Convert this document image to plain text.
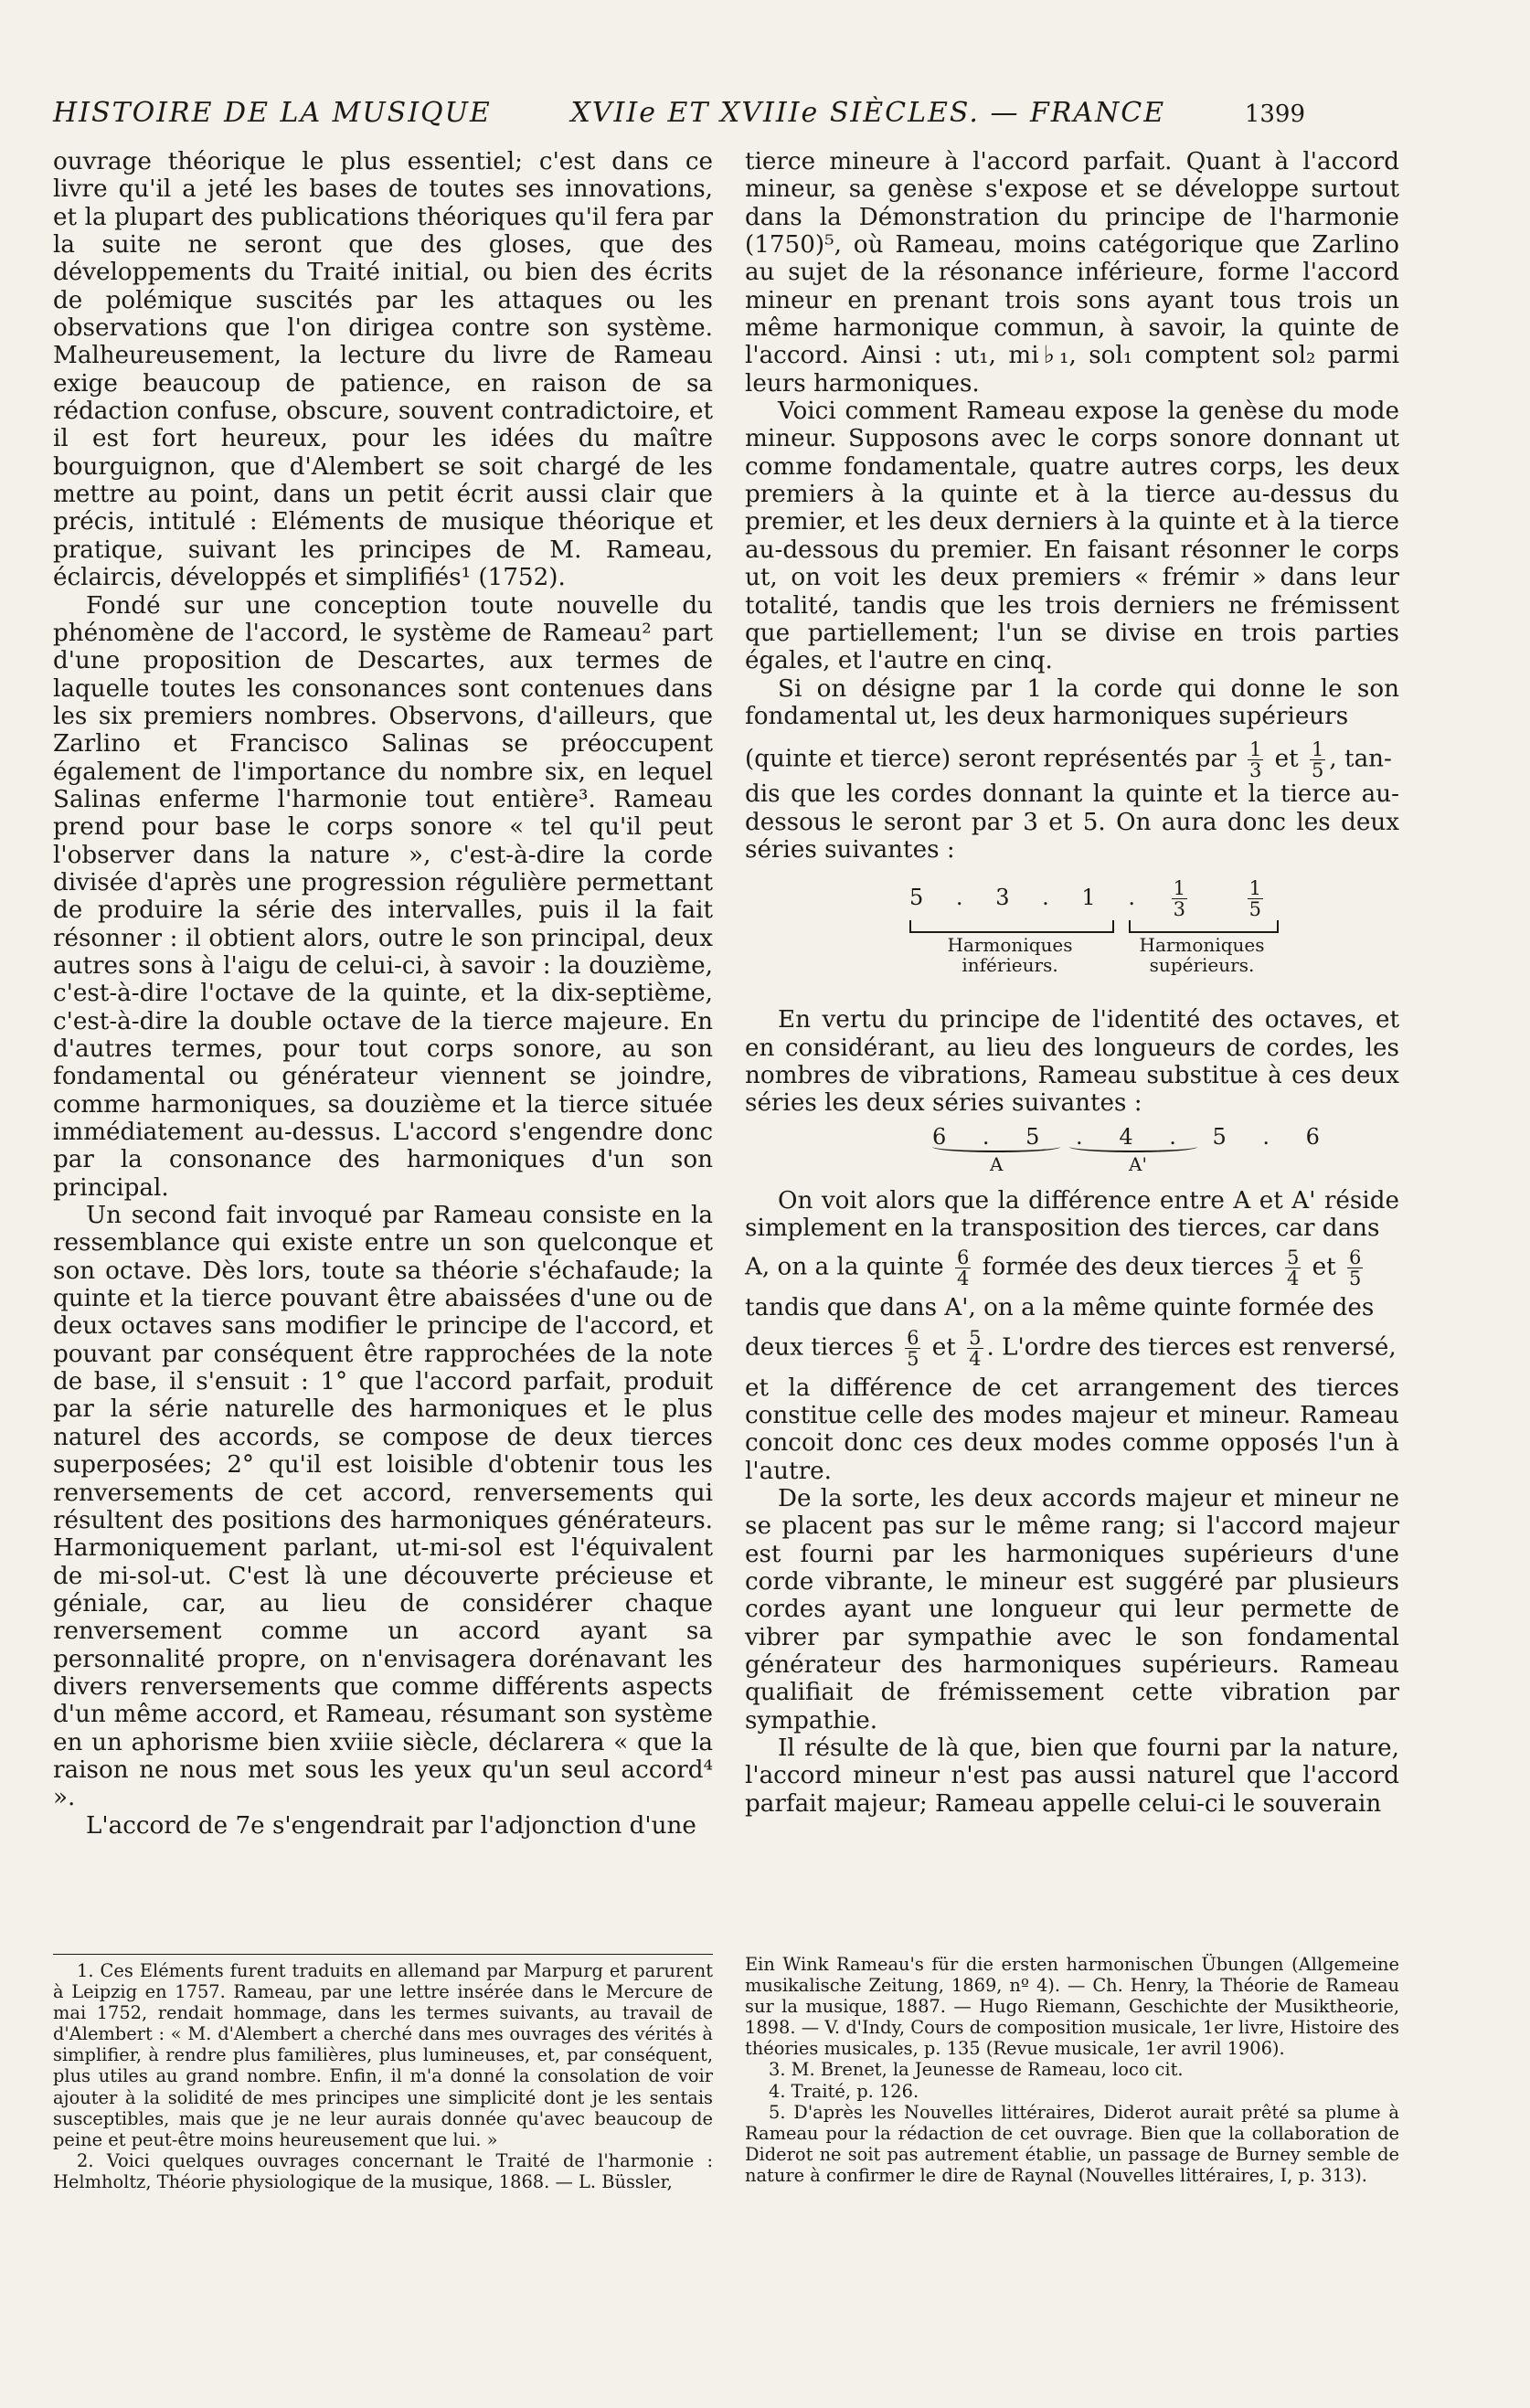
HISTOIRE DE LA MUSIQUE	XVIIe ET XVIIIe SIÈCLES. — FRANCE	1399

ouvrage théorique le plus essentiel; c'est dans ce livre qu'il a jeté les bases de toutes ses innovations, et la plupart des publications théoriques qu'il fera par la suite ne seront que des gloses, que des développements du Traité initial, ou bien des écrits de polémique suscités par les attaques ou les observations que l'on dirigea contre son système. Malheureusement, la lecture du livre de Rameau exige beaucoup de patience, en raison de sa rédaction confuse, obscure, souvent contradictoire, et il est fort heureux, pour les idées du maître bourguignon, que d'Alembert se soit chargé de les mettre au point, dans un petit écrit aussi clair que précis, intitulé : Eléments de musique théorique et pratique, suivant les principes de M. Rameau, éclaircis, développés et simplifiés¹ (1752).

Fondé sur une conception toute nouvelle du phénomène de l'accord, le système de Rameau² part d'une proposition de Descartes, aux termes de laquelle toutes les consonances sont contenues dans les six premiers nombres. Observons, d'ailleurs, que Zarlino et Francisco Salinas se préoccupent également de l'importance du nombre six, en lequel Salinas enferme l'harmonie tout entière³. Rameau prend pour base le corps sonore « tel qu'il peut l'observer dans la nature », c'est-à-dire la corde divisée d'après une progression régulière permettant de produire la série des intervalles, puis il la fait résonner : il obtient alors, outre le son principal, deux autres sons à l'aigu de celui-ci, à savoir : la douzième, c'est-à-dire l'octave de la quinte, et la dix-septième, c'est-à-dire la double octave de la tierce majeure. En d'autres termes, pour tout corps sonore, au son fondamental ou générateur viennent se joindre, comme harmoniques, sa douzième et la tierce située immédiatement au-dessus. L'accord s'engendre donc par la consonance des harmoniques d'un son principal.

Un second fait invoqué par Rameau consiste en la ressemblance qui existe entre un son quelconque et son octave. Dès lors, toute sa théorie s'échafaude; la quinte et la tierce pouvant être abaissées d'une ou de deux octaves sans modifier le principe de l'accord, et pouvant par conséquent être rapprochées de la note de base, il s'ensuit : 1° que l'accord parfait, produit par la série naturelle des harmoniques et le plus naturel des accords, se compose de deux tierces superposées; 2° qu'il est loisible d'obtenir tous les renversements de cet accord, renversements qui résultent des positions des harmoniques générateurs. Harmoniquement parlant, ut-mi-sol est l'équivalent de mi-sol-ut. C'est là une découverte précieuse et géniale, car, au lieu de considérer chaque renversement comme un accord ayant sa personnalité propre, on n'envisagera dorénavant les divers renversements que comme différents aspects d'un même accord, et Rameau, résumant son système en un aphorisme bien xviiie siècle, déclarera « que la raison ne nous met sous les yeux qu'un seul accord⁴ ».

L'accord de 7e s'engendrait par l'adjonction d'une

tierce mineure à l'accord parfait. Quant à l'accord mineur, sa genèse s'expose et se développe surtout dans la Démonstration du principe de l'harmonie (1750)⁵, où Rameau, moins catégorique que Zarlino au sujet de la résonance inférieure, forme l'accord mineur en prenant trois sons ayant tous trois un même harmonique commun, à savoir, la quinte de l'accord. Ainsi : ut₁, mi♭₁, sol₁ comptent sol₂ parmi leurs harmoniques.

Voici comment Rameau expose la genèse du mode mineur. Supposons avec le corps sonore donnant ut comme fondamentale, quatre autres corps, les deux premiers à la quinte et à la tierce au-dessus du premier, et les deux derniers à la quinte et à la tierce au-dessous du premier. En faisant résonner le corps ut, on voit les deux premiers « frémir » dans leur totalité, tandis que les trois derniers ne frémissent que partiellement; l'un se divise en trois parties égales, et l'autre en cinq.

Si on désigne par 1 la corde qui donne le son fondamental ut, les deux harmoniques supérieurs

(quinte et tierce) seront représentés par $\frac{1}{3}$ et $\frac{1}{5}$ , tan-

dis que les cordes donnant la quinte et la tierce au-dessous le seront par 3 et 5. On aura donc les deux séries suivantes :

5 . 3 . 1 . $\frac{1}{3}$
	$\frac{1}{5}$
Harmoniques
inférieurs.
Harmoniques
supérieurs.

En vertu du principe de l'identité des octaves, et en considérant, au lieu des longueurs de cordes, les nombres de vibrations, Rameau substitue à ces deux séries les deux séries suivantes :

6 . 5 . 4 . 5 . 6
A	A'

On voit alors que la différence entre A et A' réside simplement en la transposition des tierces, car dans

A, on a la quinte $\frac{6}{4}$ formée des deux tierces $\frac{5}{4}$ et $\frac{6}{5}$

tandis que dans A', on a la même quinte formée des

deux tierces $\frac{6}{5}$ et $\frac{5}{4}$ . L'ordre des tierces est renversé,

et la différence de cet arrangement des tierces constitue celle des modes majeur et mineur. Rameau concoit donc ces deux modes comme opposés l'un à l'autre.

De la sorte, les deux accords majeur et mineur ne se placent pas sur le même rang; si l'accord majeur est fourni par les harmoniques supérieurs d'une corde vibrante, le mineur est suggéré par plusieurs cordes ayant une longueur qui leur permette de vibrer par sympathie avec le son fondamental générateur des harmoniques supérieurs. Rameau qualifiait de frémissement cette vibration par sympathie.

Il résulte de là que, bien que fourni par la nature, l'accord mineur n'est pas aussi naturel que l'accord parfait majeur; Rameau appelle celui-ci le souverain

1. Ces Eléments furent traduits en allemand par Marpurg et parurent à Leipzig en 1757. Rameau, par une lettre insérée dans le Mercure de mai 1752, rendait hommage, dans les termes suivants, au travail de d'Alembert : « M. d'Alembert a cherché dans mes ouvrages des vérités à simplifier, à rendre plus familières, plus lumineuses, et, par conséquent, plus utiles au grand nombre. Enfin, il m'a donné la consolation de voir ajouter à la solidité de mes principes une simplicité dont je les sentais susceptibles, mais que je ne leur aurais donnée qu'avec beaucoup de peine et peut-être moins heureusement que lui. »

2. Voici quelques ouvrages concernant le Traité de l'harmonie : Helmholtz, Théorie physiologique de la musique, 1868. — L. Büssler,

Ein Wink Rameau's für die ersten harmonischen Übungen (Allgemeine musikalische Zeitung, 1869, nº 4). — Ch. Henry, la Théorie de Rameau sur la musique, 1887. — Hugo Riemann, Geschichte der Musiktheorie, 1898. — V. d'Indy, Cours de composition musicale, 1er livre, Histoire des théories musicales, p. 135 (Revue musicale, 1er avril 1906).

3. M. Brenet, la Jeunesse de Rameau, loco cit.

4. Traité, p. 126.

5. D'après les Nouvelles littéraires, Diderot aurait prêté sa plume à Rameau pour la rédaction de cet ouvrage. Bien que la collaboration de Diderot ne soit pas autrement établie, un passage de Burney semble de nature à confirmer le dire de Raynal (Nouvelles littéraires, I, p. 313).
